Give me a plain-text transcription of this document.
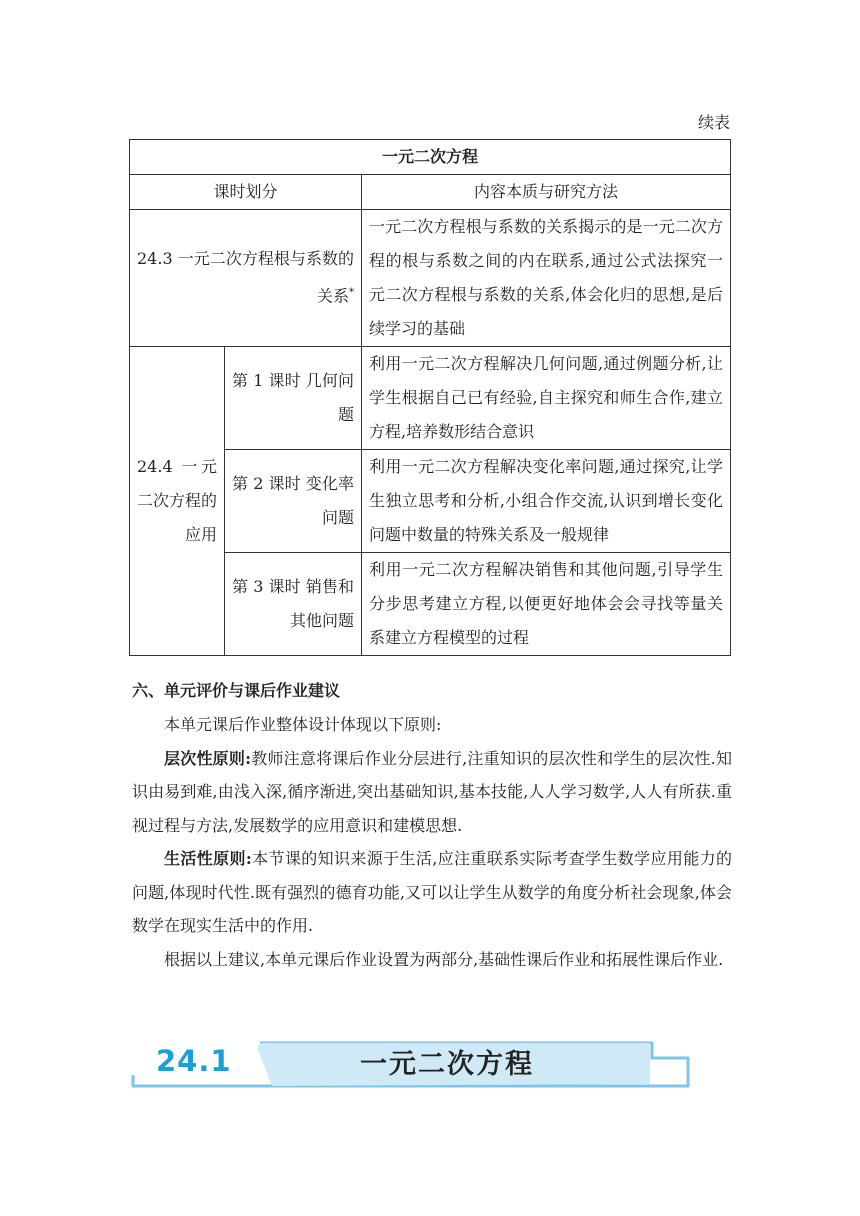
续表
一元二次方程		
课时划分		内容本质与研究方法
24.3 一元二次方程根与系数的关系*		一元二次方程根与系数的关系揭示的是一元二次方程的根与系数之间的内在联系,通过公式法探究一元二次方程根与系数的关系,体会化归的思想,是后续学习的基础
24.4 一元二次方程的应用	第 1 课时 几何问题	利用一元二次方程解决几何问题,通过例题分析,让学生根据自己已有经验,自主探究和师生合作,建立方程,培养数形结合意识
	第 2 课时 变化率问题	利用一元二次方程解决变化率问题,通过探究,让学生独立思考和分析,小组合作交流,认识到增长变化问题中数量的特殊关系及一般规律
	第 3 课时 销售和其他问题	利用一元二次方程解决销售和其他问题,引导学生分步思考建立方程,以便更好地体会会寻找等量关系建立方程模型的过程
六、单元评价与课后作业建议

本单元课后作业整体设计体现以下原则:

层次性原则:教师注意将课后作业分层进行,注重知识的层次性和学生的层次性.知识由易到难,由浅入深,循序渐进,突出基础知识,基本技能,人人学习数学,人人有所获.重视过程与方法,发展数学的应用意识和建模思想.

生活性原则:本节课的知识来源于生活,应注重联系实际考查学生数学应用能力的问题,体现时代性.既有强烈的德育功能,又可以让学生从数学的角度分析社会现象,体会数学在现实生活中的作用.

根据以上建议,本单元课后作业设置为两部分,基础性课后作业和拓展性课后作业.

24.1	一元二次方程
